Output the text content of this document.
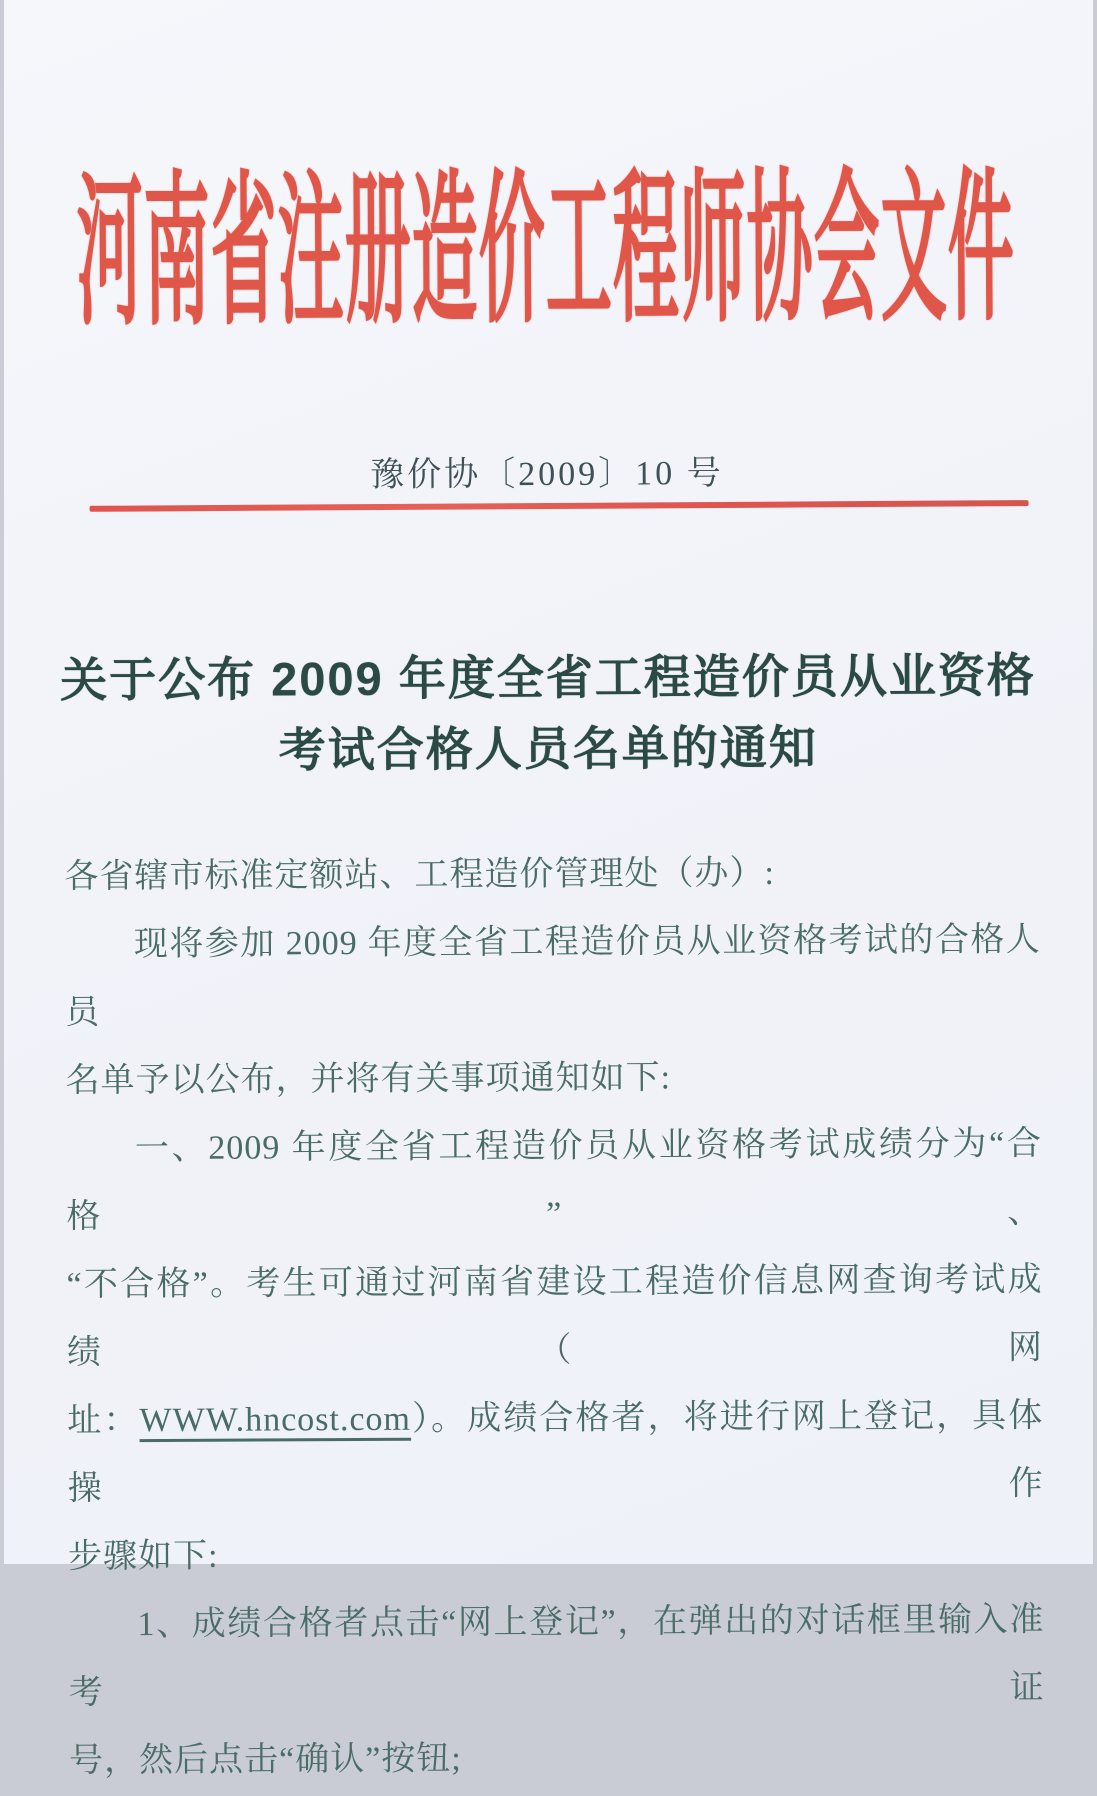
河南省注册造价工程师协会文件
豫价协〔2009〕10 号
关于公布 2009 年度全省工程造价员从业资格
考试合格人员名单的通知
各省辖市标准定额站、工程造价管理处（办）:
现将参加 2009 年度全省工程造价员从业资格考试的合格人员
名单予以公布，并将有关事项通知如下:
一、2009 年度全省工程造价员从业资格考试成绩分为“合格”、
“不合格”。考生可通过河南省建设工程造价信息网查询考试成绩（网
址：WWW.hncost.com）。成绩合格者，将进行网上登记，具体操作
步骤如下:
1、成绩合格者点击“网上登记”，在弹出的对话框里输入准考证
号，然后点击“确认”按钮;
